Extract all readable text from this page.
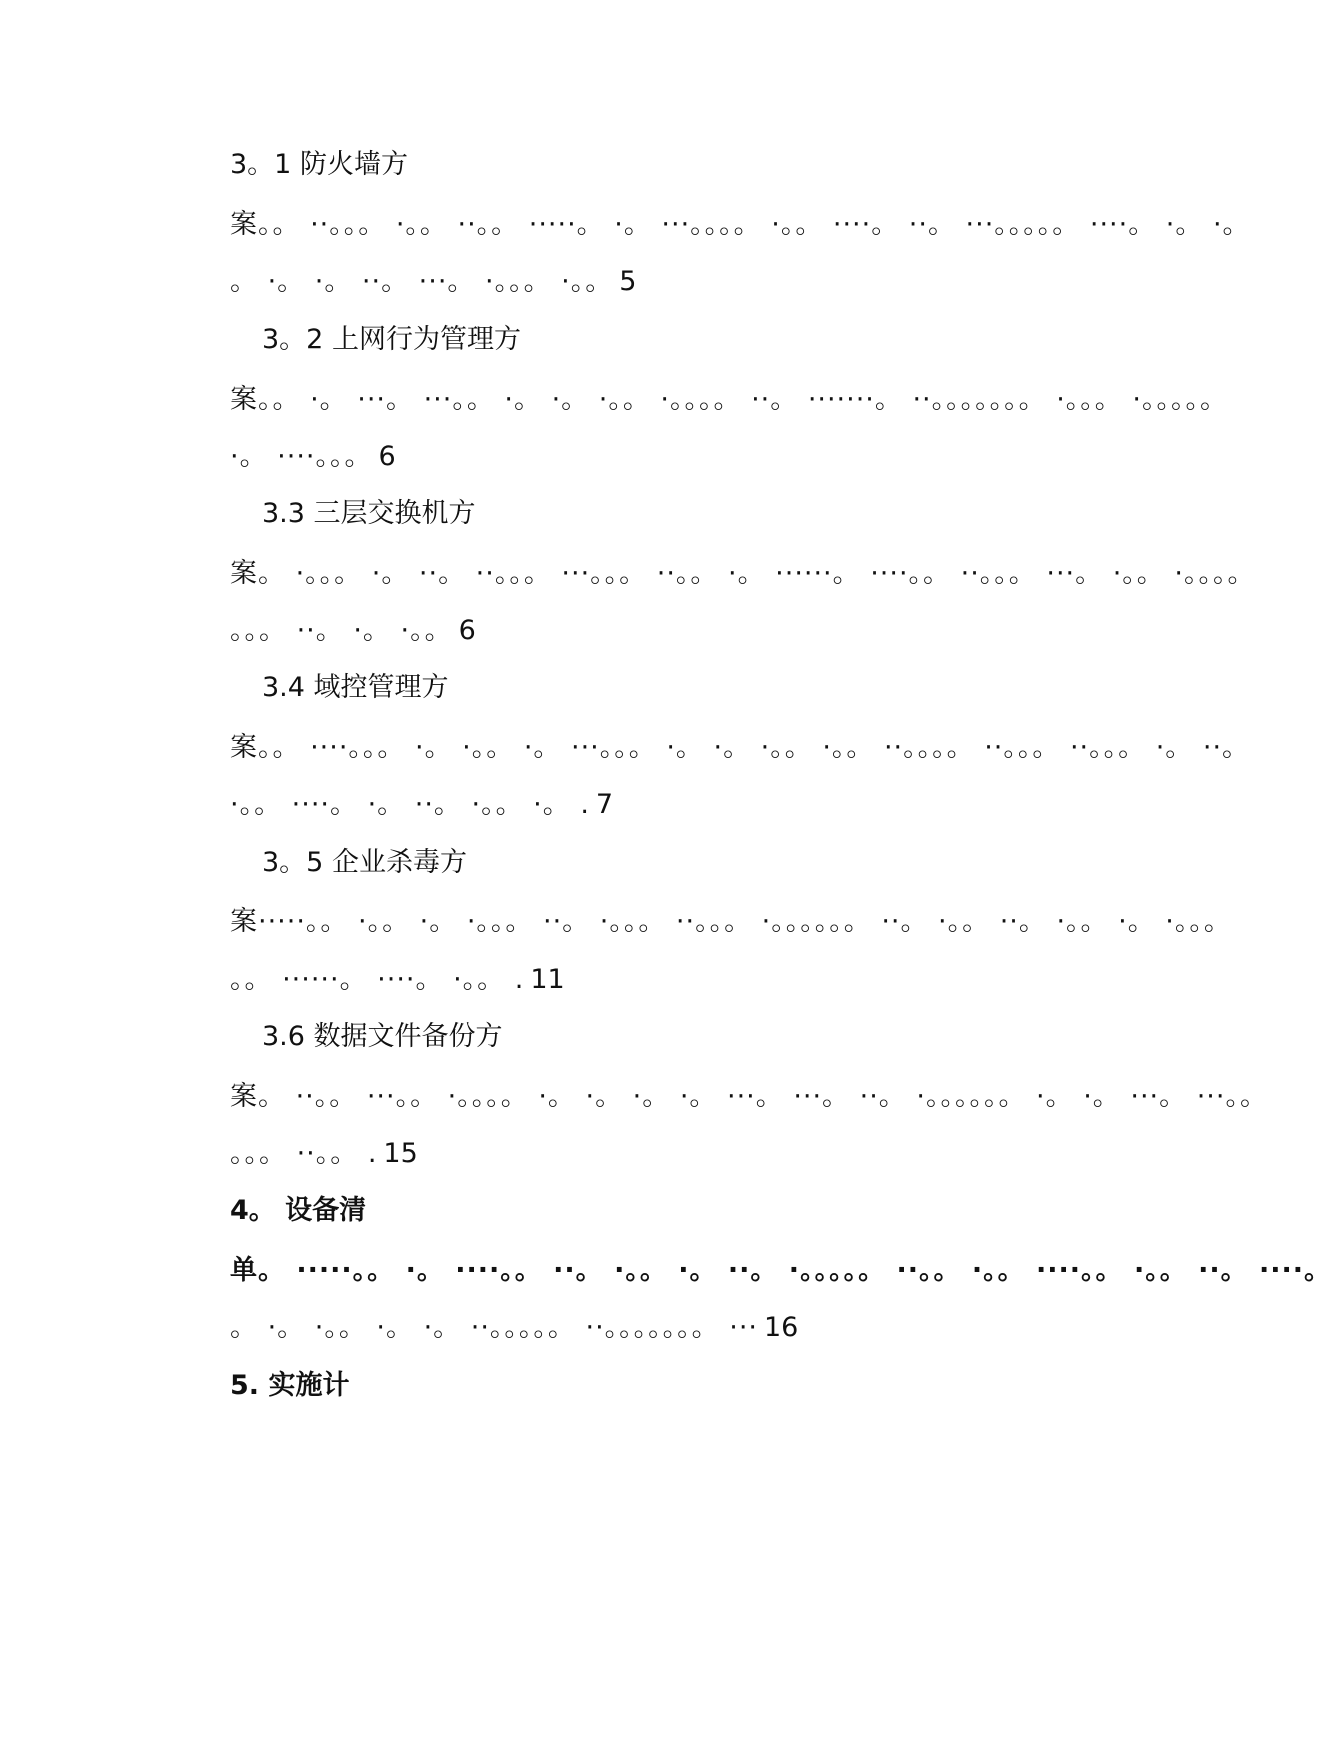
3。1 防火墙方
案。。 ··。。。 ·。。 ··。。 ·····。 ·。 ···。。。。 ·。。 ····。 ··。 ···。。。。。 ····。 ·。 ·。
。 ·。 ·。 ··。 ···。 ·。。。 ·。。 5
3。2 上网行为管理方
案。。 ·。 ···。 ···。。 ·。 ·。 ·。。 ·。。。。 ··。 ·······。 ··。。。。。。。 ·。。。 ·。。。。。
·。 ····。。。 6
3.3 三层交换机方
案。 ·。。。 ·。 ··。 ··。。。 ···。。。 ··。。 ·。 ······。 ····。。 ··。。。 ···。 ·。。 ·。。。。
。。。 ··。 ·。 ·。。 6
3.4 域控管理方
案。。 ····。。。 ·。 ·。。 ·。 ···。。。 ·。 ·。 ·。。 ·。。 ··。。。。 ··。。。 ··。。。 ·。 ··。
·。。 ····。 ·。 ··。 ·。。 ·。 . 7
3。5 企业杀毒方
案·····。。 ·。。 ·。 ·。。。 ··。 ·。。。 ··。。。 ·。。。。。。 ··。 ·。。 ··。 ·。。 ·。 ·。。。
。。 ······。 ····。 ·。。 . 11
3.6 数据文件备份方
案。 ··。。 ···。。 ·。。。。 ·。 ·。 ·。 ·。 ···。 ···。 ··。 ·。。。。。。 ·。 ·。 ···。 ···。。
。。。 ··。。 . 15
4。 设备清
单。 ·····。。 ·。 ····。。 ··。 ·。。 ·。 ··。 ·。。。。。 ··。。 ·。。 ····。。 ·。。 ··。 ····。
。 ·。 ·。。 ·。 ·。 ··。。。。。 ··。。。。。。。 ··· 16
5. 实施计
